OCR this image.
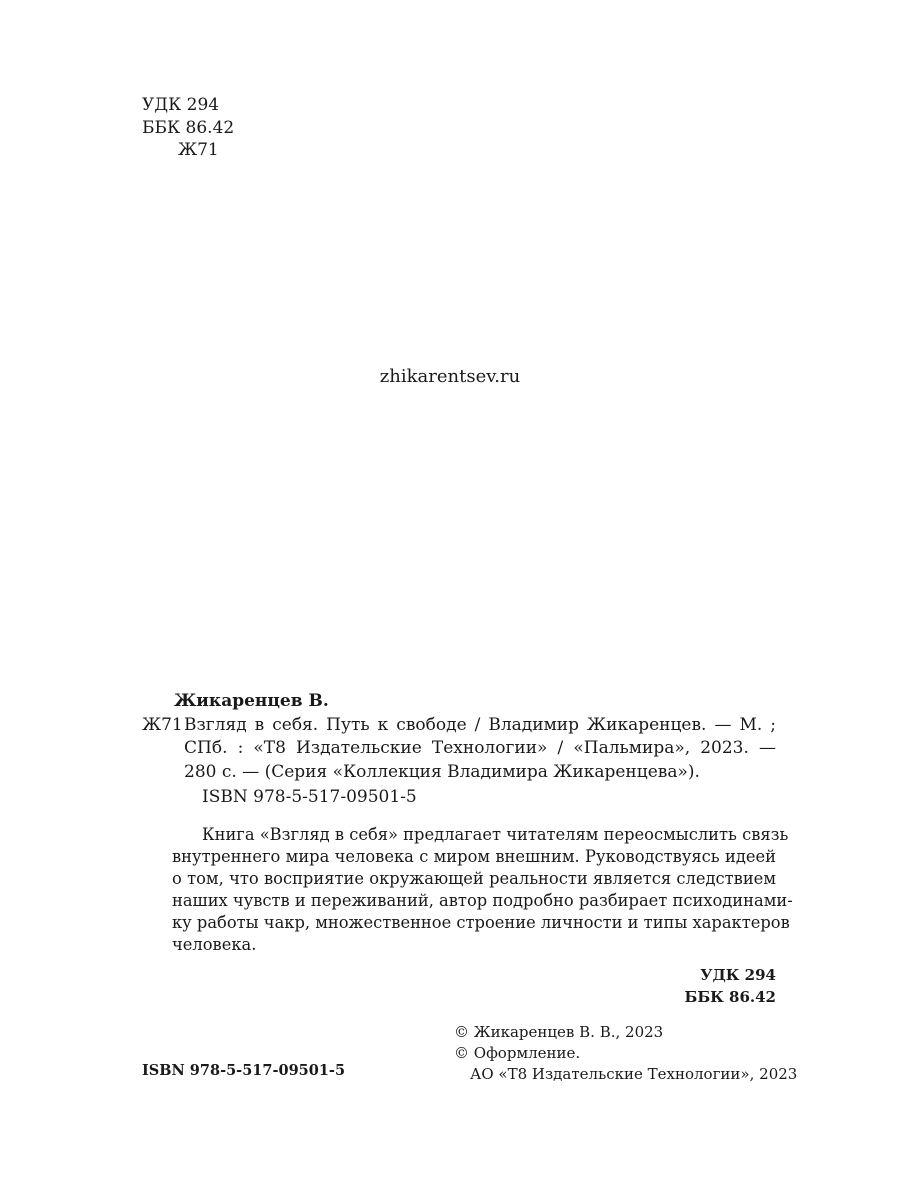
УДК 294
ББК 86.42
Ж71
zhikarentsev.ru
Жикаренцев В.
Ж71 Взгляд в себя. Путь к свободе / Владимир Жикаренцев. — М. ;
СПб. : «Т8 Издательские Технологии» / «Пальмира», 2023. —
280 с. — (Серия «Коллекция Владимира Жикаренцева»).
ISBN 978-5-517-09501-5
Книга «Взгляд в себя» предлагает читателям переосмыслить связь
внутреннего мира человека с миром внешним. Руководствуясь идеей
о том, что восприятие окружающей реальности является следствием
наших чувств и переживаний, автор подробно разбирает психодинами-
ку работы чакр, множественное строение личности и типы характеров
человека.
УДК 294
ББК 86.42
© Жикаренцев В. В., 2023
© Оформление.
АО «Т8 Издательские Технологии», 2023
ISBN 978-5-517-09501-5
